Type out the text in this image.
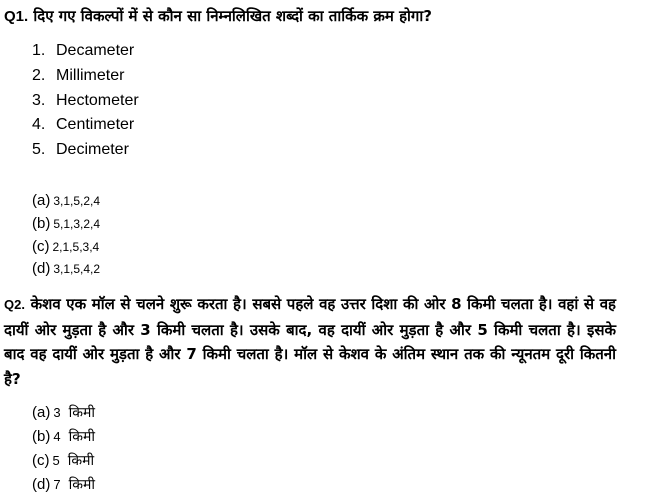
Q1. दिए गए विकल्पों में से कौन सा निम्नलिखित शब्दों का तार्किक क्रम होगा?
1. Decameter
2. Millimeter
3. Hectometer
4. Centimeter
5. Decimeter
(a) 3,1,5,2,4
(b) 5,1,3,2,4
(c) 2,1,5,3,4
(d) 3,1,5,4,2
Q2. केशव एक मॉल से चलने शुरू करता है। सबसे पहले वह उत्तर दिशा की ओर 8 किमी चलता है। वहां से वह दायीं ओर मुड़ता है और 3 किमी चलता है। उसके बाद, वह दायीं ओर मुड़ता है और 5 किमी चलता है। इसके बाद वह दायीं ओर मुड़ता है और 7 किमी चलता है। मॉल से केशव के अंतिम स्थान तक की न्यूनतम दूरी कितनी है?
(a) 3 किमी
(b) 4 किमी
(c) 5 किमी
(d) 7 किमी
